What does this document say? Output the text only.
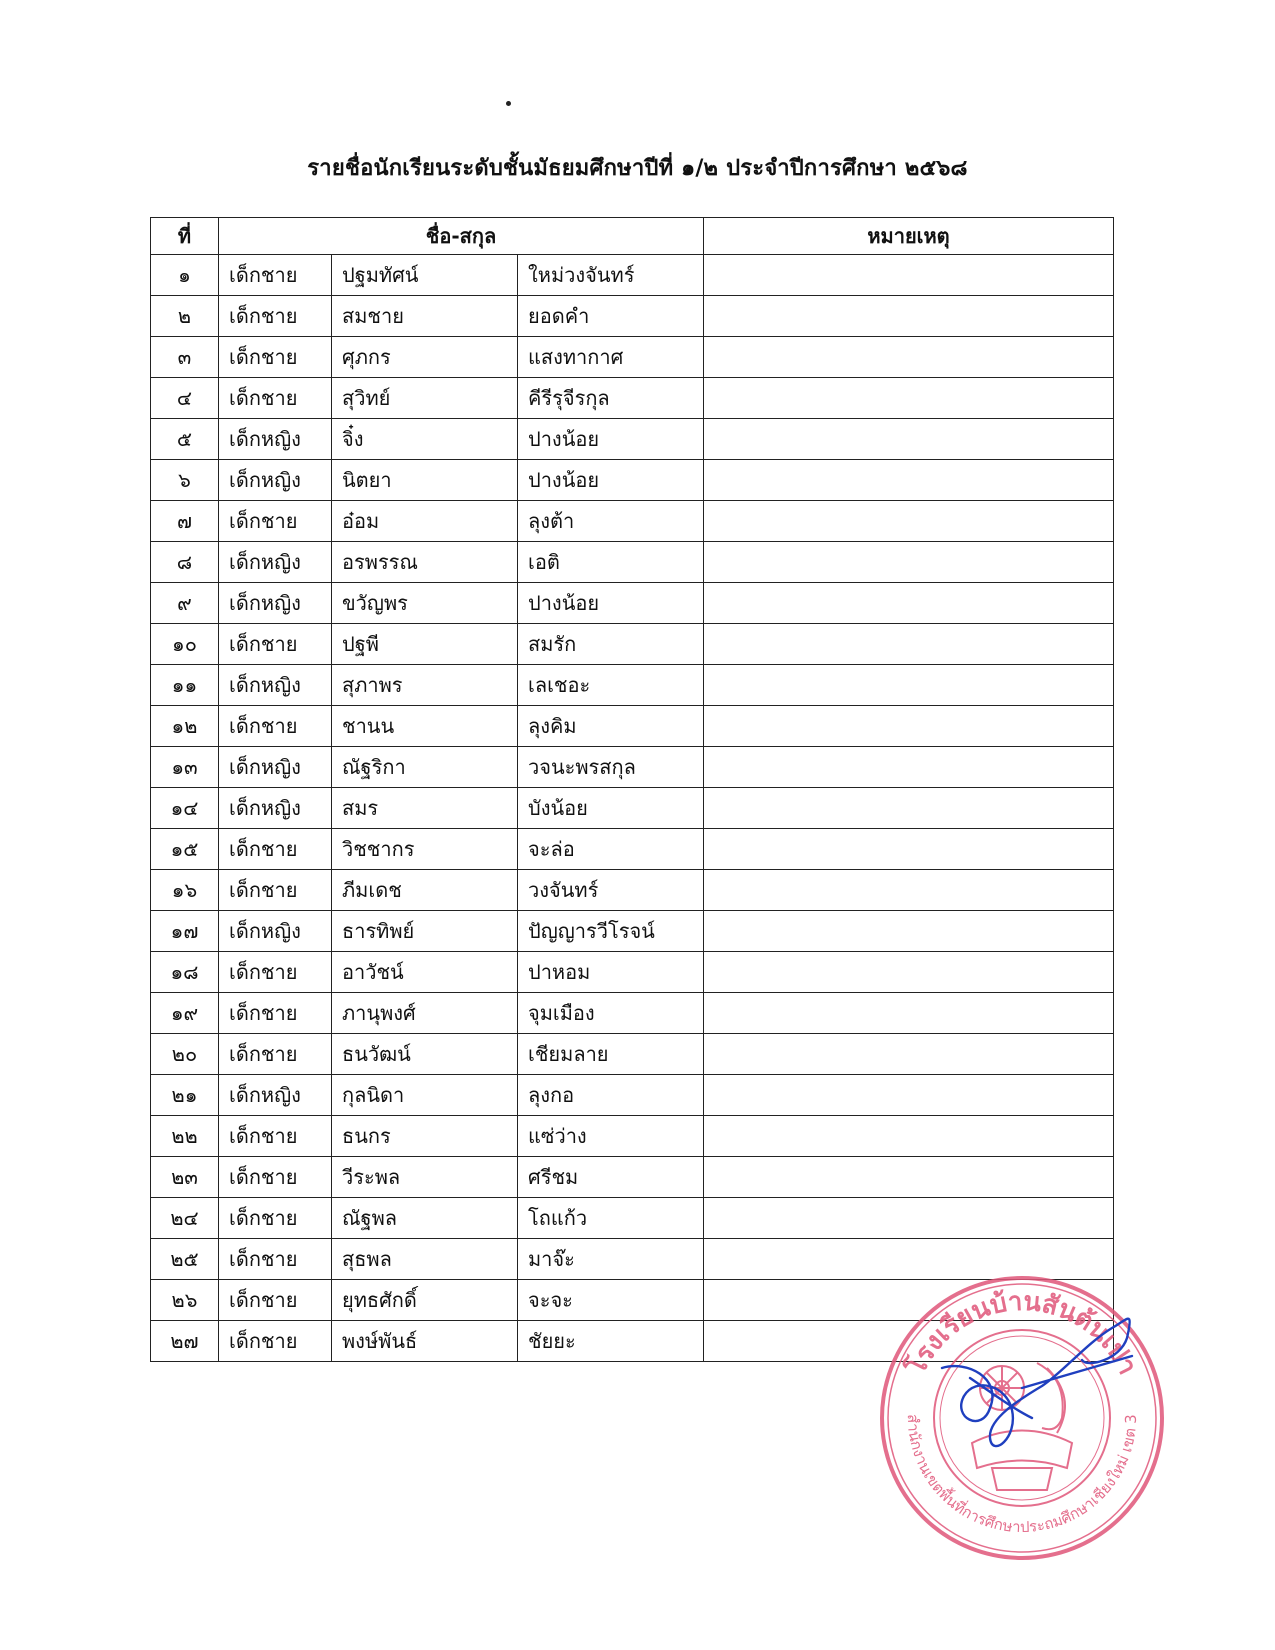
รายชื่อนักเรียนระดับชั้นมัธยมศึกษาปีที่ ๑/๒ ประจำปีการศึกษา ๒๕๖๘
ที่	ชื่อ-สกุล			หมายเหตุ
๑	เด็กชาย	ปฐมทัศน์	ใหม่วงจันทร์	
๒	เด็กชาย	สมชาย	ยอดคำ	
๓	เด็กชาย	ศุภกร	แสงทากาศ	
๔	เด็กชาย	สุวิทย์	คีรีรุจีรกุล	
๕	เด็กหญิง	จิ๋ง	ปางน้อย	
๖	เด็กหญิง	นิตยา	ปางน้อย	
๗	เด็กชาย	อ๋อม	ลุงต้า	
๘	เด็กหญิง	อรพรรณ	เอติ	
๙	เด็กหญิง	ขวัญพร	ปางน้อย	
๑๐	เด็กชาย	ปฐพี	สมรัก	
๑๑	เด็กหญิง	สุภาพร	เลเชอะ	
๑๒	เด็กชาย	ชานน	ลุงคิม	
๑๓	เด็กหญิง	ณัฐริกา	วจนะพรสกุล	
๑๔	เด็กหญิง	สมร	บังน้อย	
๑๕	เด็กชาย	วิชชากร	จะล่อ	
๑๖	เด็กชาย	ภีมเดช	วงจันทร์	
๑๗	เด็กหญิง	ธารทิพย์	ปัญญารวีโรจน์	
๑๘	เด็กชาย	อาวัชน์	ปาหอม	
๑๙	เด็กชาย	ภานุพงศ์	จุมเมือง	
๒๐	เด็กชาย	ธนวัฒน์	เชียมลาย	
๒๑	เด็กหญิง	กุลนิดา	ลุงกอ	
๒๒	เด็กชาย	ธนกร	แซ่ว่าง	
๒๓	เด็กชาย	วีระพล	ศรีชม	
๒๔	เด็กชาย	ณัฐพล	โถแก้ว	
๒๕	เด็กชาย	สุธพล	มาจ๊ะ	
๒๖	เด็กชาย	ยุทธศักดิ์	จะจะ	
๒๗	เด็กชาย	พงษ์พันธ์	ชัยยะ	
โรงเรียนบ้านสันต้นเปา
สำนักงานเขตพื้นที่การศึกษาประถมศึกษาเชียงใหม่ เขต 3
